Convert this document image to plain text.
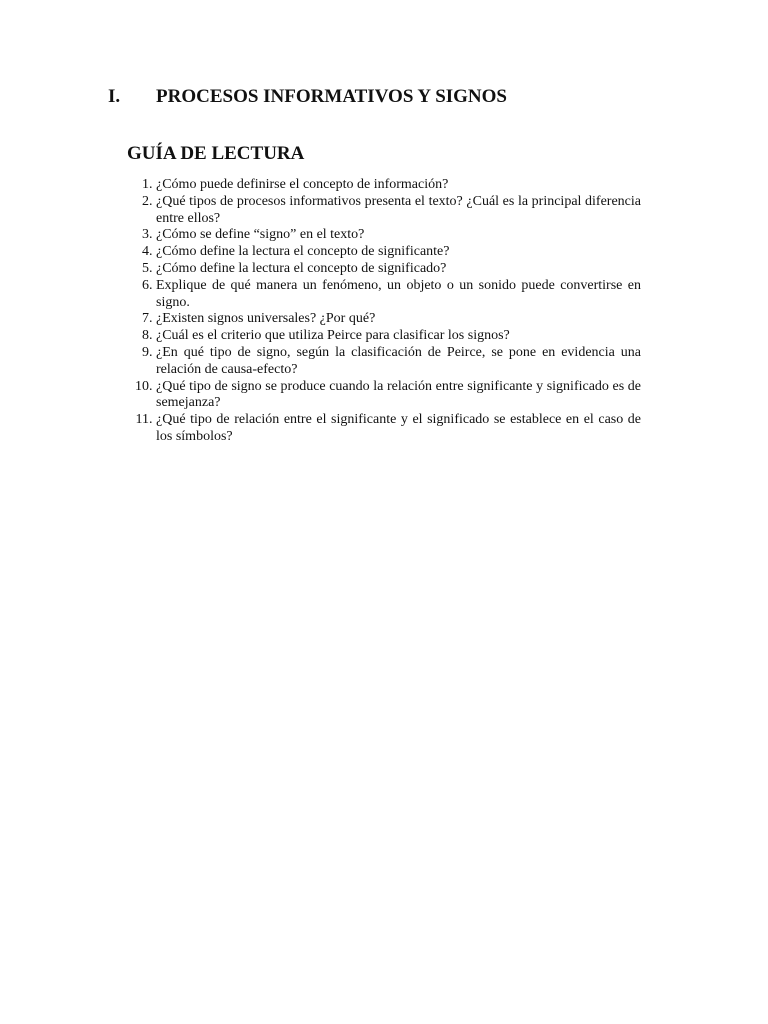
I.	PROCESOS INFORMATIVOS Y SIGNOS
GUÍA DE LECTURA
1. ¿Cómo puede definirse el concepto de información?
2. ¿Qué tipos de procesos informativos presenta el texto? ¿Cuál es la principal diferencia entre ellos?
3. ¿Cómo se define “signo” en el texto?
4. ¿Cómo define la lectura el concepto de significante?
5. ¿Cómo define la lectura el concepto de significado?
6. Explique de qué manera un fenómeno, un objeto o un sonido puede convertirse en signo.
7. ¿Existen signos universales? ¿Por qué?
8. ¿Cuál es el criterio que utiliza Peirce para clasificar los signos?
9. ¿En qué tipo de signo, según la clasificación de Peirce, se pone en evidencia una relación de causa-efecto?
10. ¿Qué tipo de signo se produce cuando la relación entre significante y significado es de semejanza?
11. ¿Qué tipo de relación entre el significante y el significado se establece en el caso de los símbolos?
